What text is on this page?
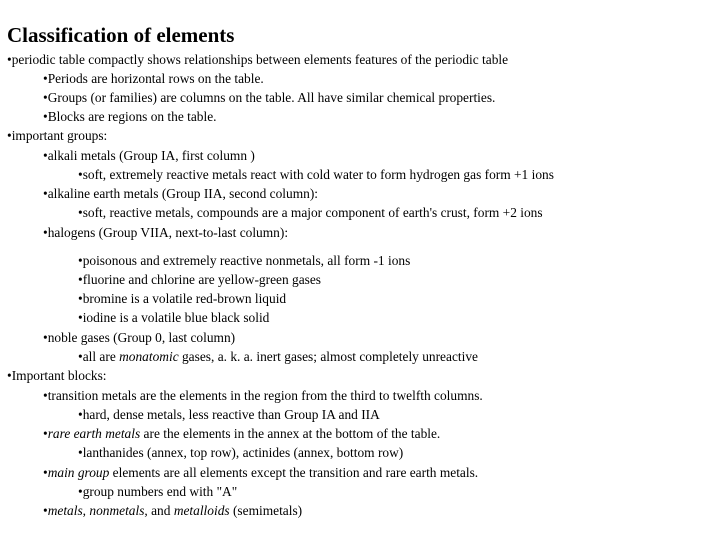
Classification of elements
•periodic table compactly shows relationships between elements features of the periodic table
•Periods are horizontal rows on the table.
•Groups (or families) are columns on the table. All have similar chemical properties.
•Blocks are regions on the table.
•important groups:
•alkali metals (Group IA, first column )
•soft, extremely reactive metals react with cold water to form hydrogen gas form +1 ions
•alkaline earth metals (Group IIA, second column):
•soft, reactive metals, compounds are a major component of earth's crust, form +2 ions
•halogens (Group VIIA, next-to-last column):
•poisonous and extremely reactive nonmetals, all form -1 ions
•fluorine and chlorine are yellow-green gases
•bromine is a volatile red-brown liquid
•iodine is a volatile blue black solid
•noble gases (Group 0, last column)
•all are monatomic gases, a. k. a. inert gases; almost completely unreactive
•Important blocks:
•transition metals are the elements in the region from the third to twelfth columns.
•hard, dense metals, less reactive than Group IA and IIA
•rare earth metals are the elements in the annex at the bottom of the table.
•lanthanides (annex, top row), actinides (annex, bottom row)
•main group elements are all elements except the transition and rare earth metals.
•group numbers end with "A"
•metals, nonmetals, and metalloids (semimetals)
